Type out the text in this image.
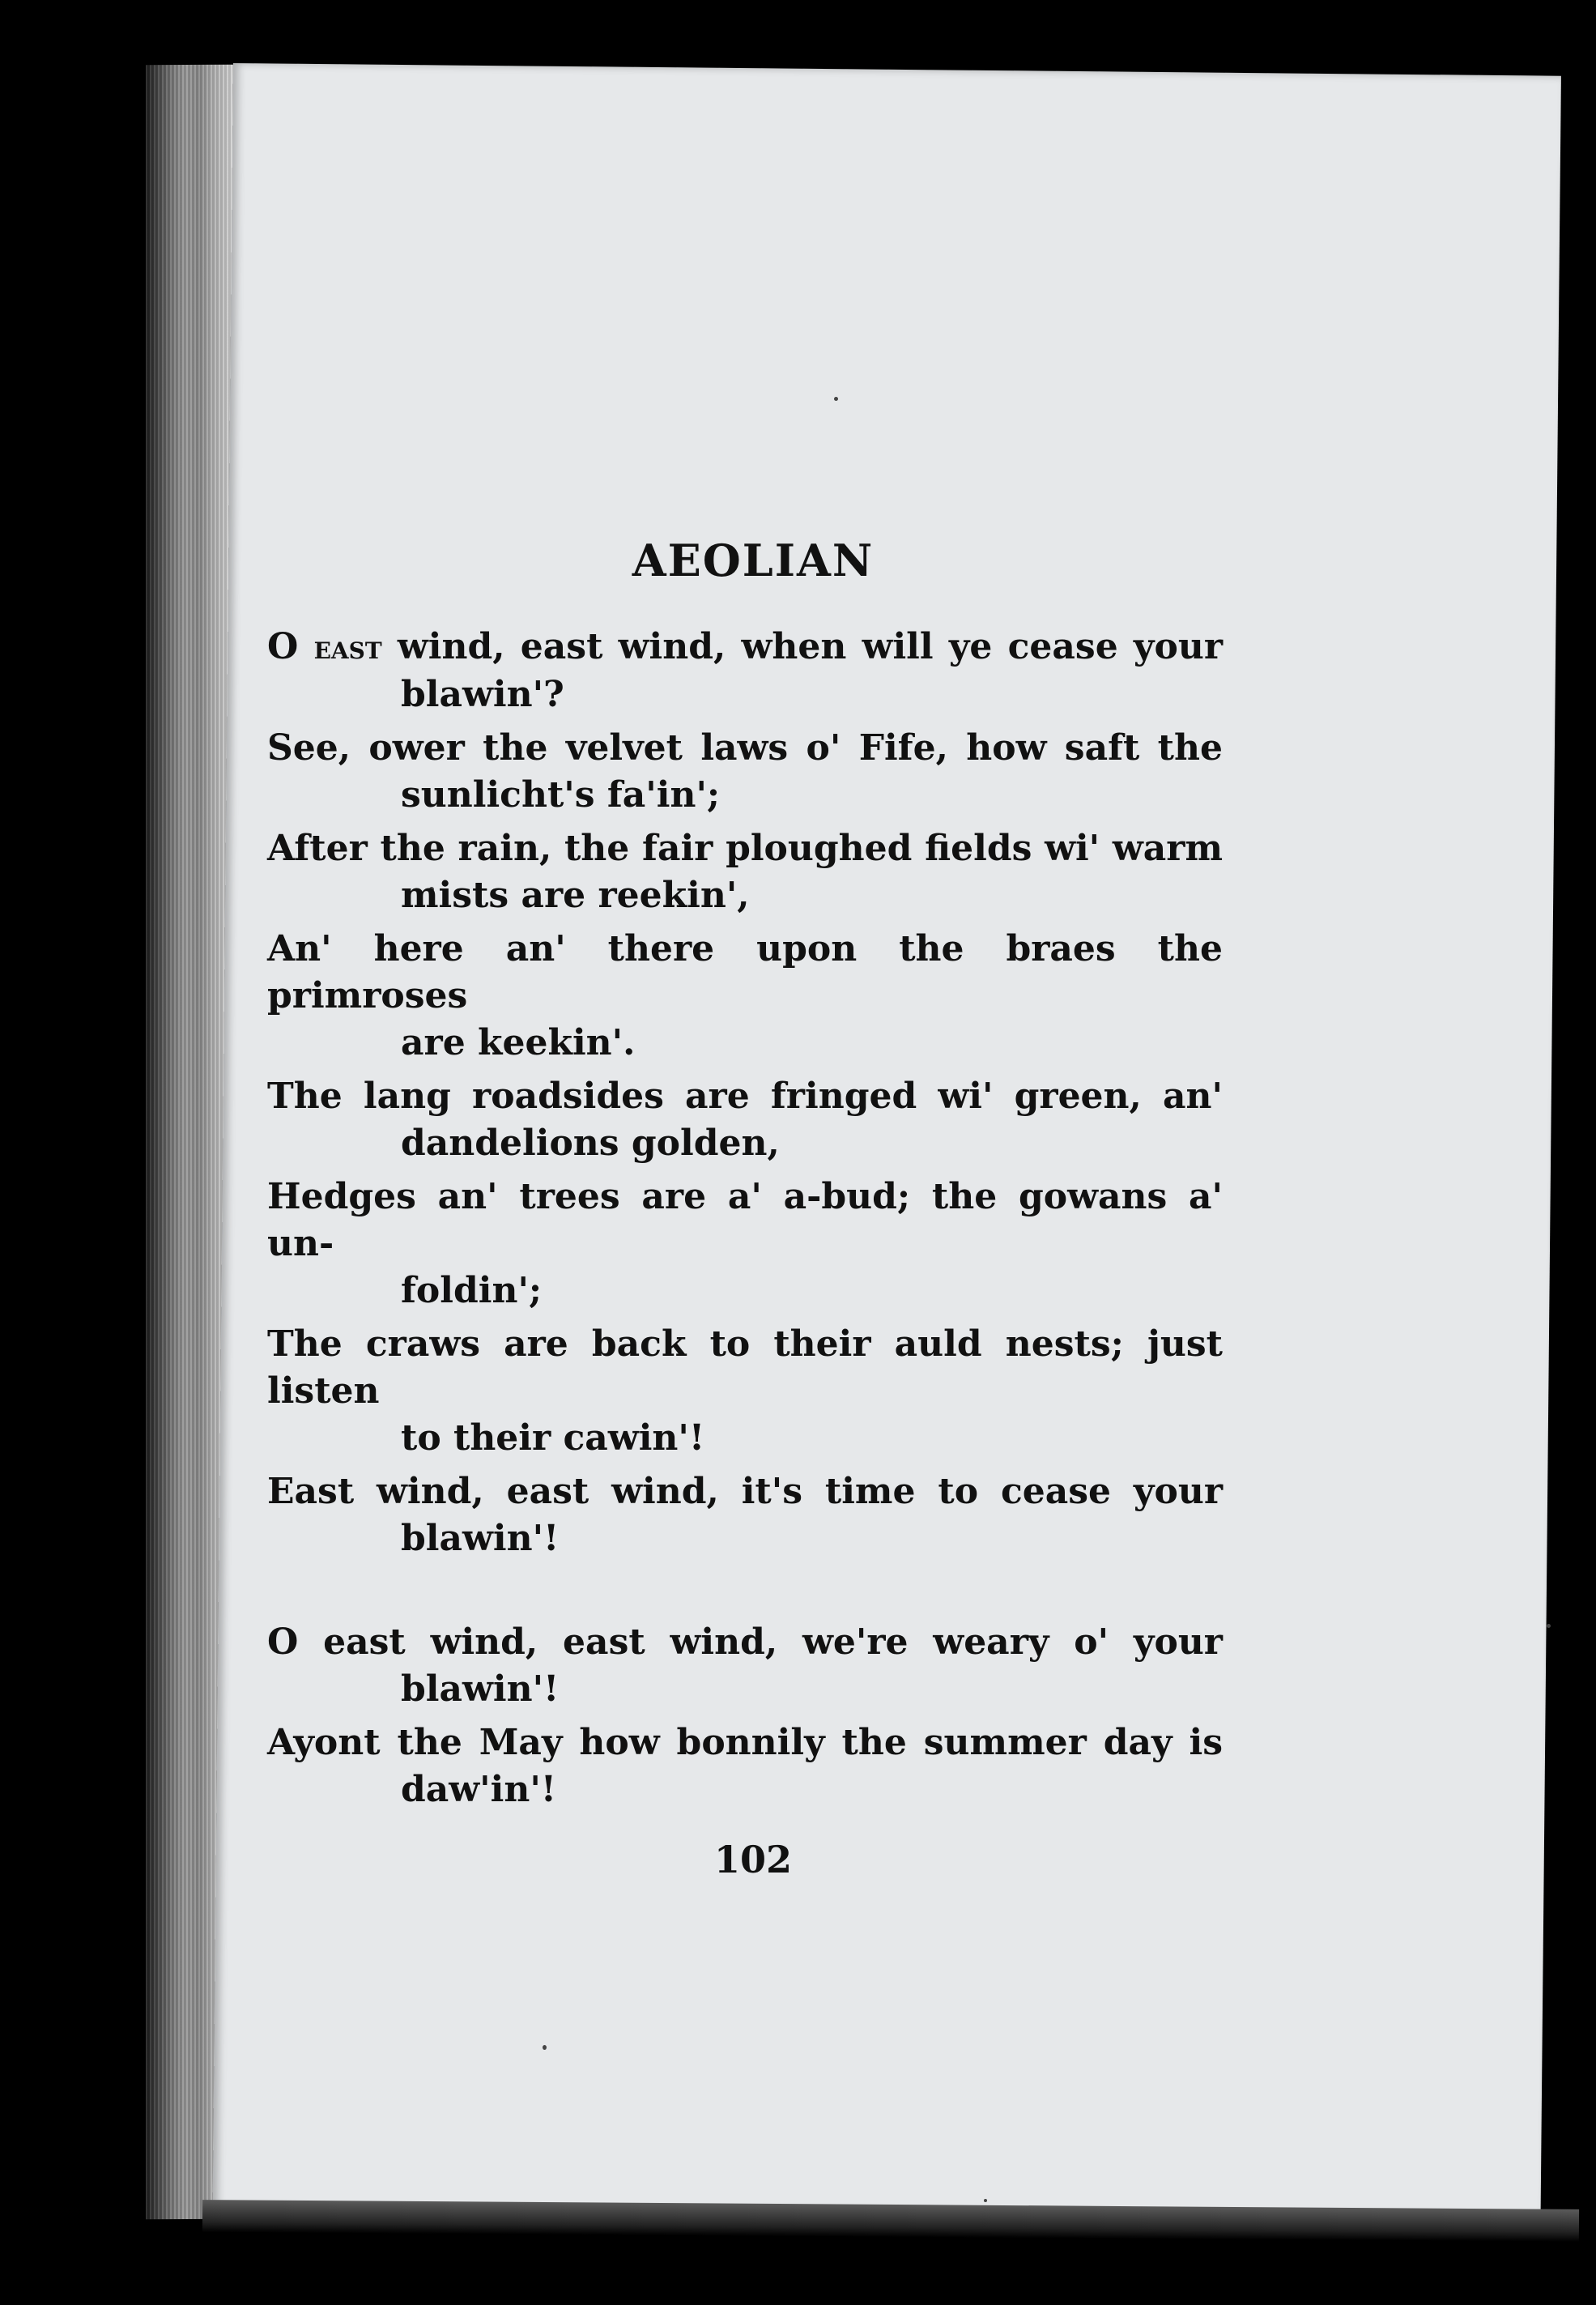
AEOLIAN

O east wind, east wind, when will ye cease your

blawin'?

See, ower the velvet laws o' Fife, how saft the

sunlicht's fa'in';

After the rain, the fair ploughed fields wi' warm

mists are reekin',

An' here an' there upon the braes the primroses

are keekin'.

The lang roadsides are fringed wi' green, an'

dandelions golden,

Hedges an' trees are a' a-bud; the gowans a' un-

foldin';

The craws are back to their auld nests; just listen

to their cawin'!

East wind, east wind, it's time to cease your

blawin'!

O east wind, east wind, we're weary o' your

blawin'!

Ayont the May how bonnily the summer day is

daw'in'!

102
